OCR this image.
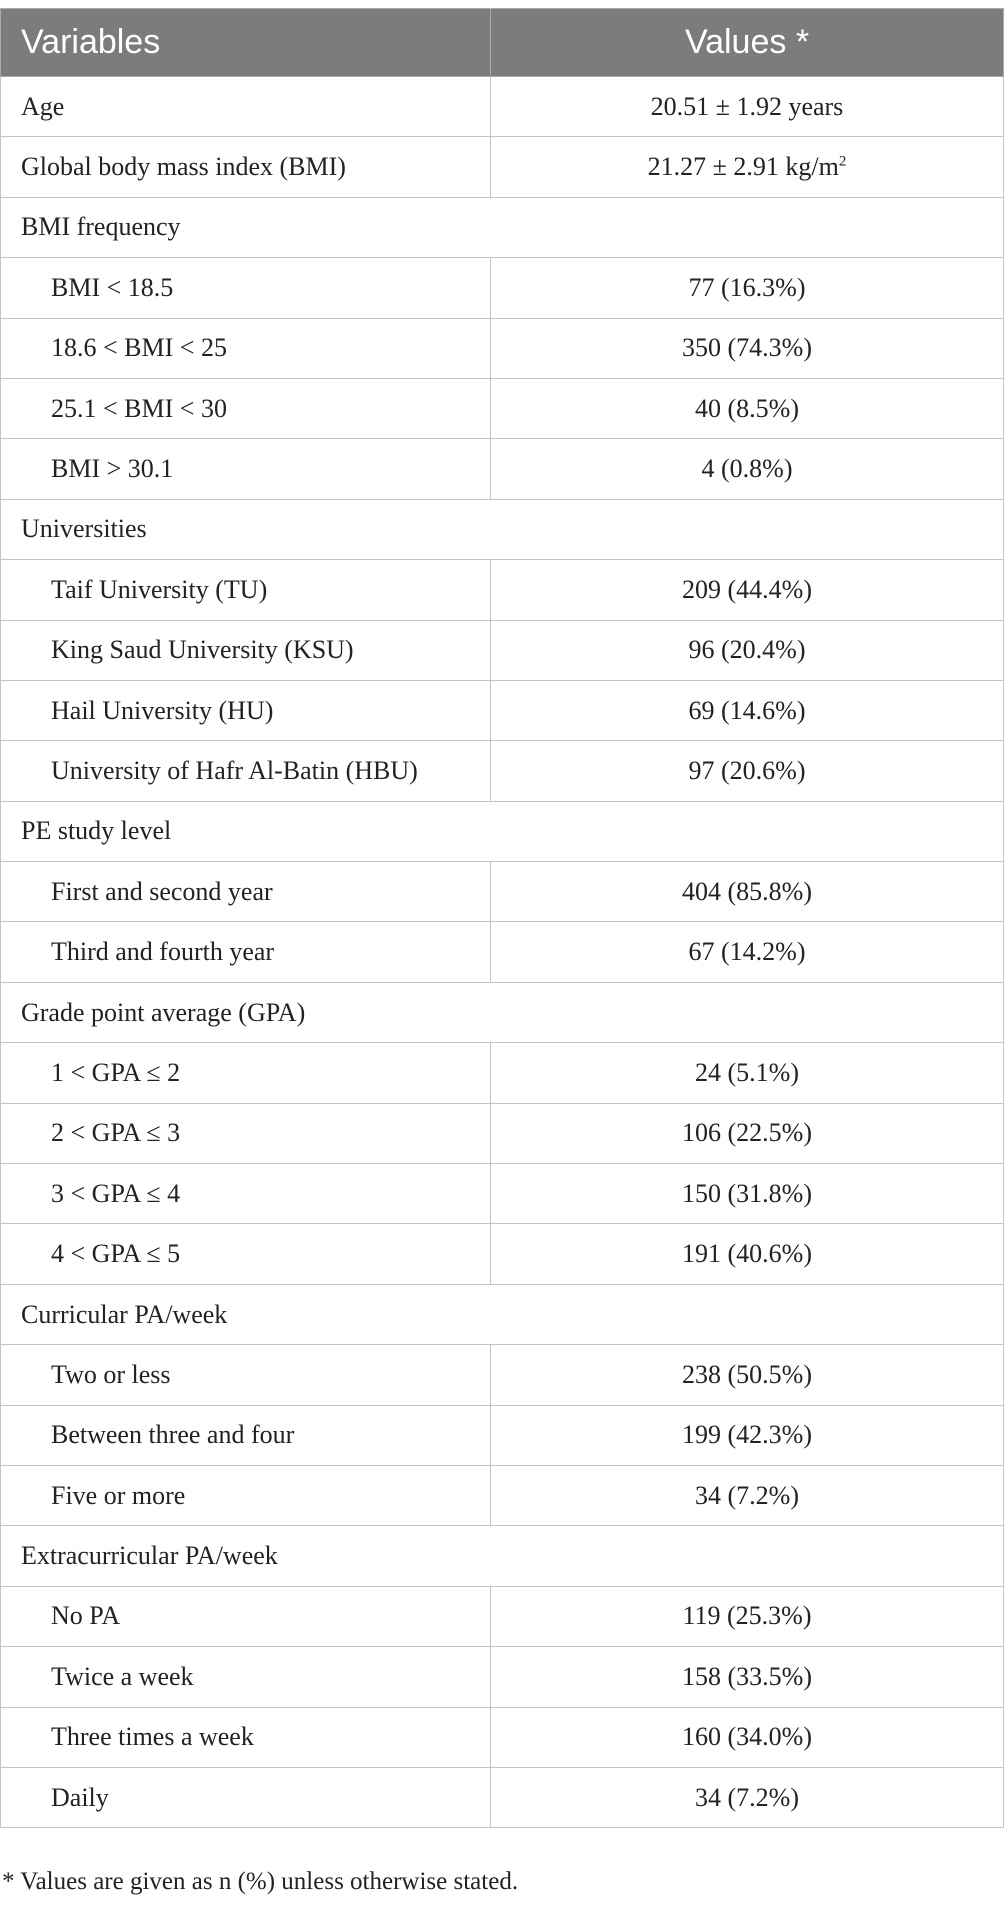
Variables	Values *
Age	20.51 ± 1.92 years
Global body mass index (BMI)	21.27 ± 2.91 $kg/m^2$
BMI frequency	
BMI < 18.5	77 (16.3%)
18.6 < BMI < 25	350 (74.3%)
25.1 < BMI < 30	40 (8.5%)
BMI > 30.1	4 (0.8%)
Universities	
Taif University (TU)	209 (44.4%)
King Saud University (KSU)	96 (20.4%)
Hail University (HU)	69 (14.6%)
University of Hafr Al-Batin (HBU)	97 (20.6%)
PE study level	
First and second year	404 (85.8%)
Third and fourth year	67 (14.2%)
Grade point average (GPA)	
1 < GPA ≤ 2	24 (5.1%)
2 < GPA ≤ 3	106 (22.5%)
3 < GPA ≤ 4	150 (31.8%)
4 < GPA ≤ 5	191 (40.6%)
Curricular PA/week	
Two or less	238 (50.5%)
Between three and four	199 (42.3%)
Five or more	34 (7.2%)
Extracurricular PA/week	
No PA	119 (25.3%)
Twice a week	158 (33.5%)
Three times a week	160 (34.0%)
Daily	34 (7.2%)
* Values are given as n (%) unless otherwise stated.
